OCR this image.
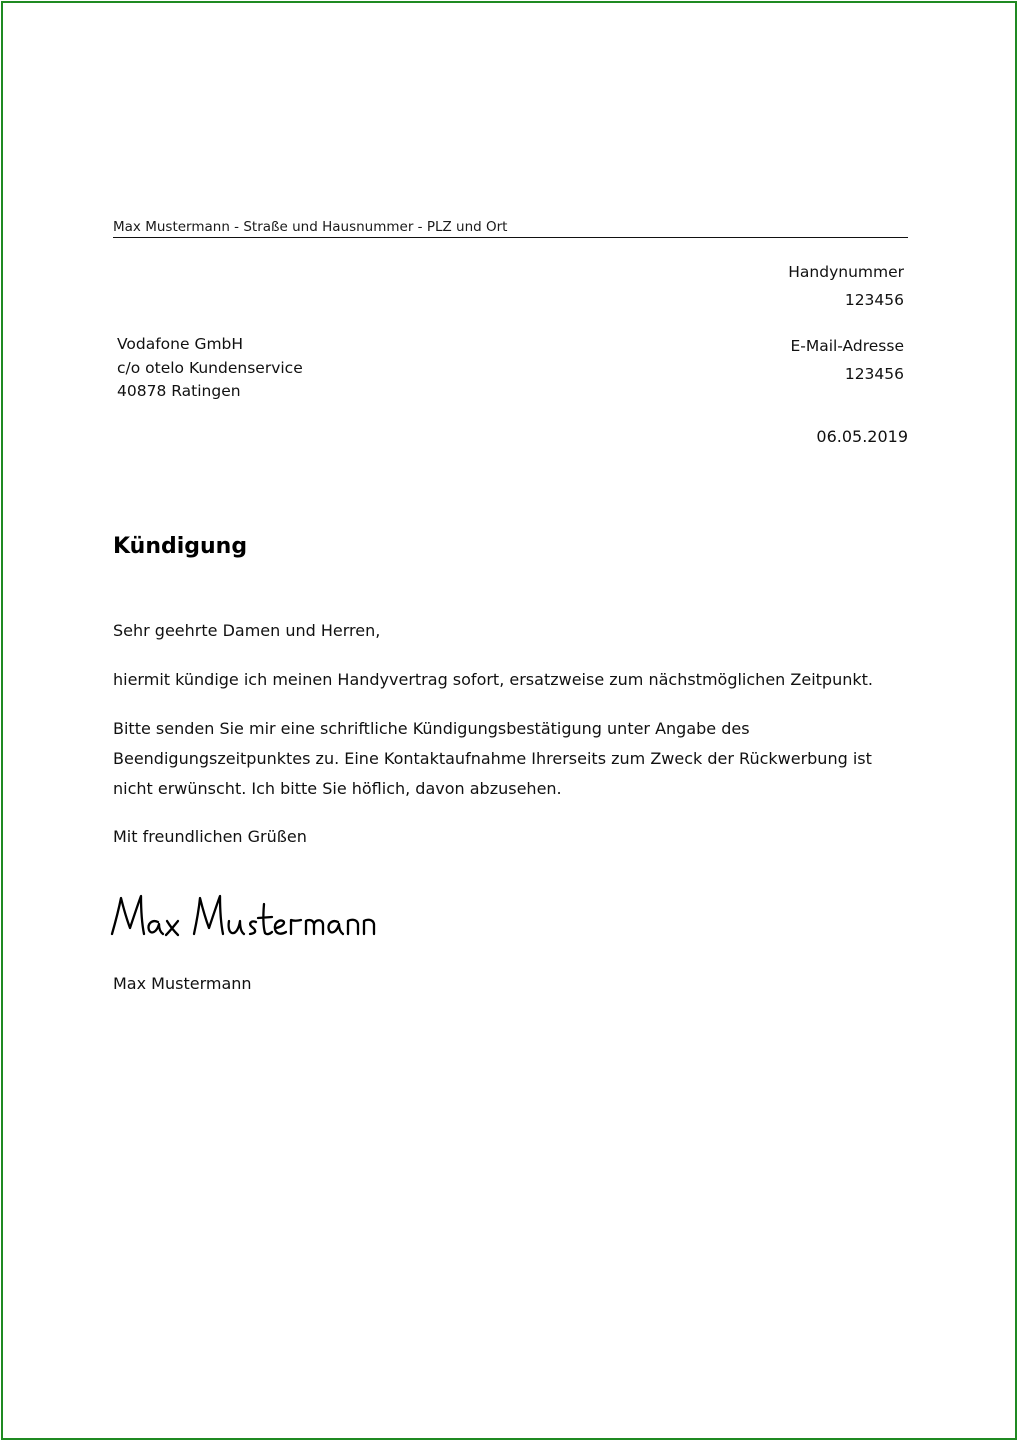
Max Mustermann - Straße und Hausnummer - PLZ und Ort
Handynummer
123456
E-Mail-Adresse
123456
Vodafone GmbH
c/o otelo Kundenservice
40878 Ratingen
06.05.2019
Kündigung
Sehr geehrte Damen und Herren,
hiermit kündige ich meinen Handyvertrag sofort, ersatzweise zum nächstmöglichen Zeitpunkt.
Bitte senden Sie mir eine schriftliche Kündigungsbestätigung unter Angabe des Beendigungszeitpunktes zu. Eine Kontaktaufnahme Ihrerseits zum Zweck der Rückwerbung ist nicht erwünscht. Ich bitte Sie höflich, davon abzusehen.
Mit freundlichen Grüßen
Max Mustermann
